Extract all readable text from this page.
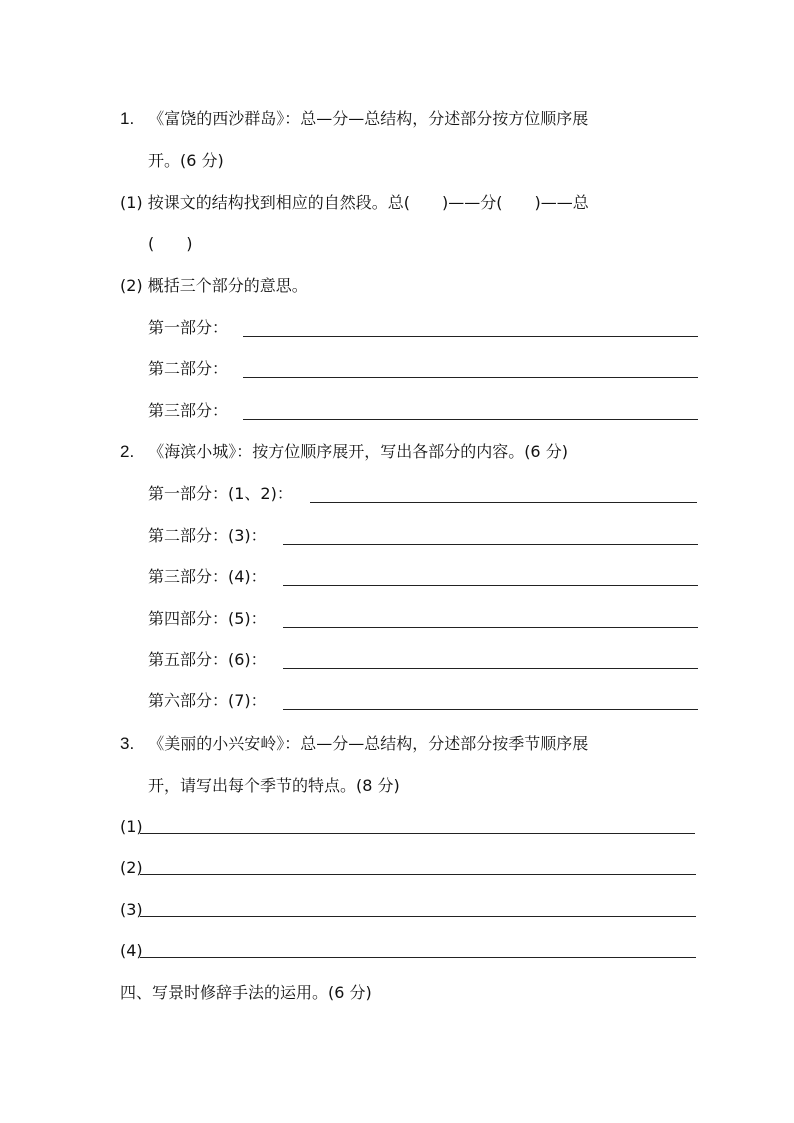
1. 《富饶的西沙群岛》：总—分—总结构，分述部分按方位顺序展
开。(6 分)
(1) 按课文的结构找到相应的自然段。总(　　)——分(　　)——总
(　　)
(2) 概括三个部分的意思。
第一部分：
第二部分：
第三部分：
2. 《海滨小城》：按方位顺序展开，写出各部分的内容。(6 分)
第一部分：(1、2)：
第二部分：(3)：
第三部分：(4)：
第四部分：(5)：
第五部分：(6)：
第六部分：(7)：
3. 《美丽的小兴安岭》：总—分—总结构，分述部分按季节顺序展
开，请写出每个季节的特点。(8 分)
(1)
(2)
(3)
(4)
四、写景时修辞手法的运用。(6 分)
